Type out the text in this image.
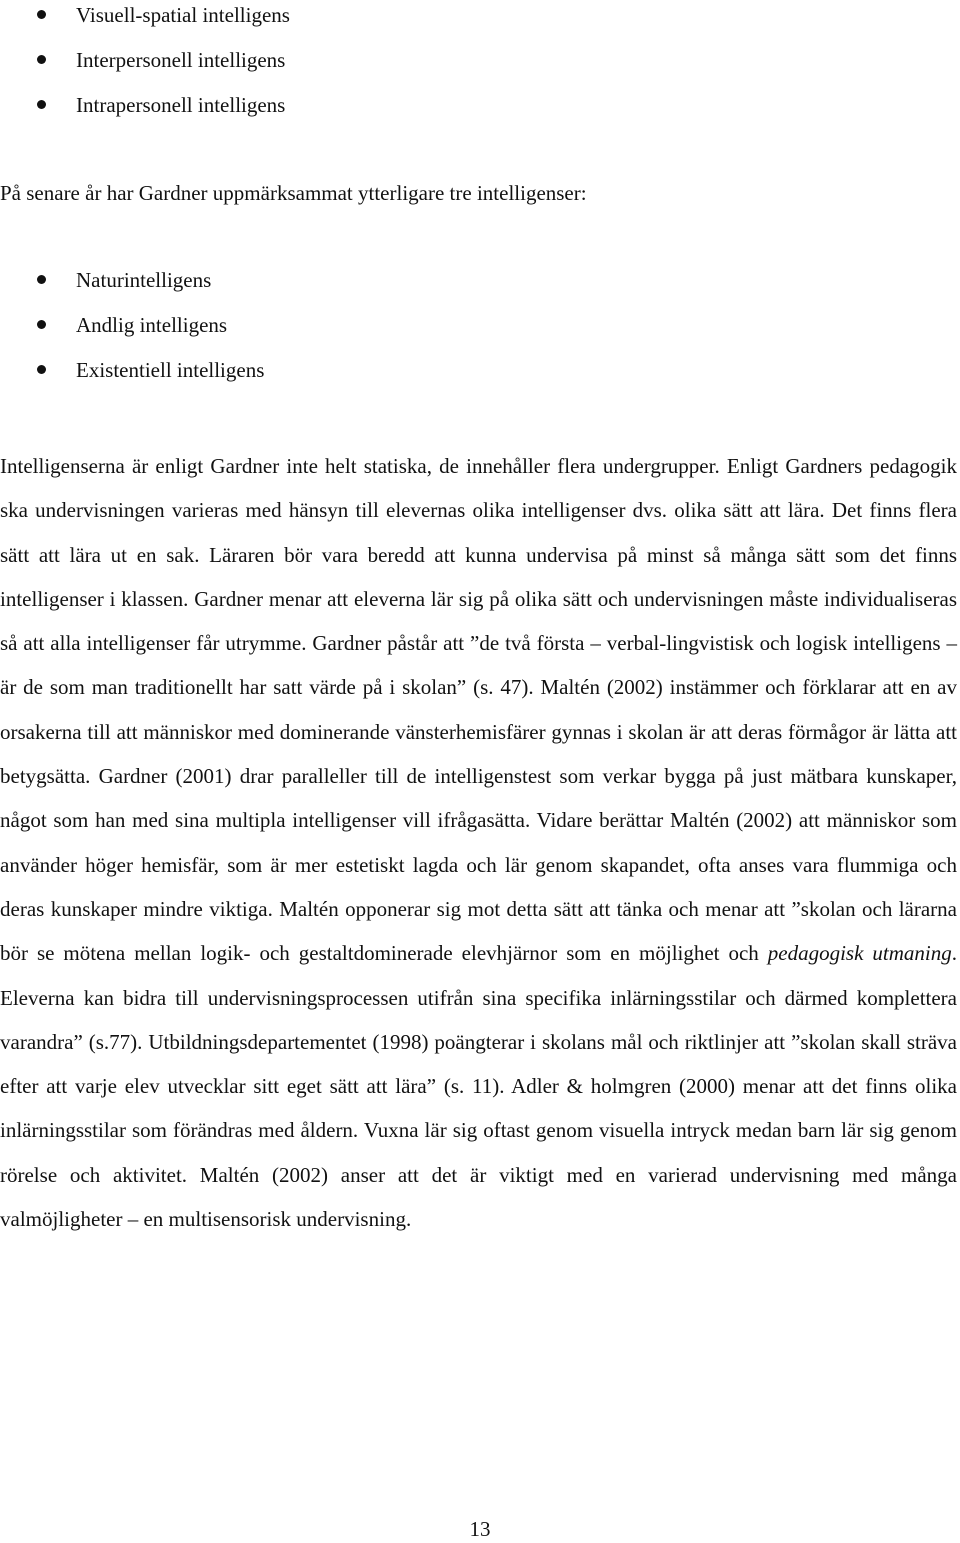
Visuell-spatial intelligens
Interpersonell intelligens
Intrapersonell intelligens

På senare år har Gardner uppmärksammat ytterligare tre intelligenser:

Naturintelligens
Andlig intelligens
Existentiell intelligens

Intelligenserna är enligt Gardner inte helt statiska, de innehåller flera undergrupper. Enligt Gardners pedagogik ska undervisningen varieras med hänsyn till elevernas olika intelligenser dvs. olika sätt att lära. Det finns flera sätt att lära ut en sak. Läraren bör vara beredd att kunna undervisa på minst så många sätt som det finns intelligenser i klassen. Gardner menar att eleverna lär sig på olika sätt och undervisningen måste individualiseras så att alla intelligenser får utrymme. Gardner påstår att ”de två första – verbal-lingvistisk och logisk intelligens – är de som man traditionellt har satt värde på i skolan” (s. 47). Maltén (2002) instämmer och förklarar att en av orsakerna till att människor med dominerande vänsterhemisfärer gynnas i skolan är att deras förmågor är lätta att betygsätta. Gardner (2001) drar paralleller till de intelligenstest som verkar bygga på just mätbara kunskaper, något som han med sina multipla intelligenser vill ifrågasätta. Vidare berättar Maltén (2002) att människor som använder höger hemisfär, som är mer estetiskt lagda och lär genom skapandet, ofta anses vara flummiga och deras kunskaper mindre viktiga. Maltén opponerar sig mot detta sätt att tänka och menar att ”skolan och lärarna bör se mötena mellan logik- och gestaltdominerade elevhjärnor som en möjlighet och pedagogisk utmaning. Eleverna kan bidra till undervisningsprocessen utifrån sina specifika inlärningsstilar och därmed komplettera varandra” (s.77). Utbildningsdepartementet (1998) poängterar i skolans mål och riktlinjer att ”skolan skall sträva efter att varje elev utvecklar sitt eget sätt att lära” (s. 11). Adler & holmgren (2000) menar att det finns olika inlärningsstilar som förändras med åldern. Vuxna lär sig oftast genom visuella intryck medan barn lär sig genom rörelse och aktivitet. Maltén (2002) anser att det är viktigt med en varierad undervisning med många valmöjligheter – en multisensorisk undervisning.

13
